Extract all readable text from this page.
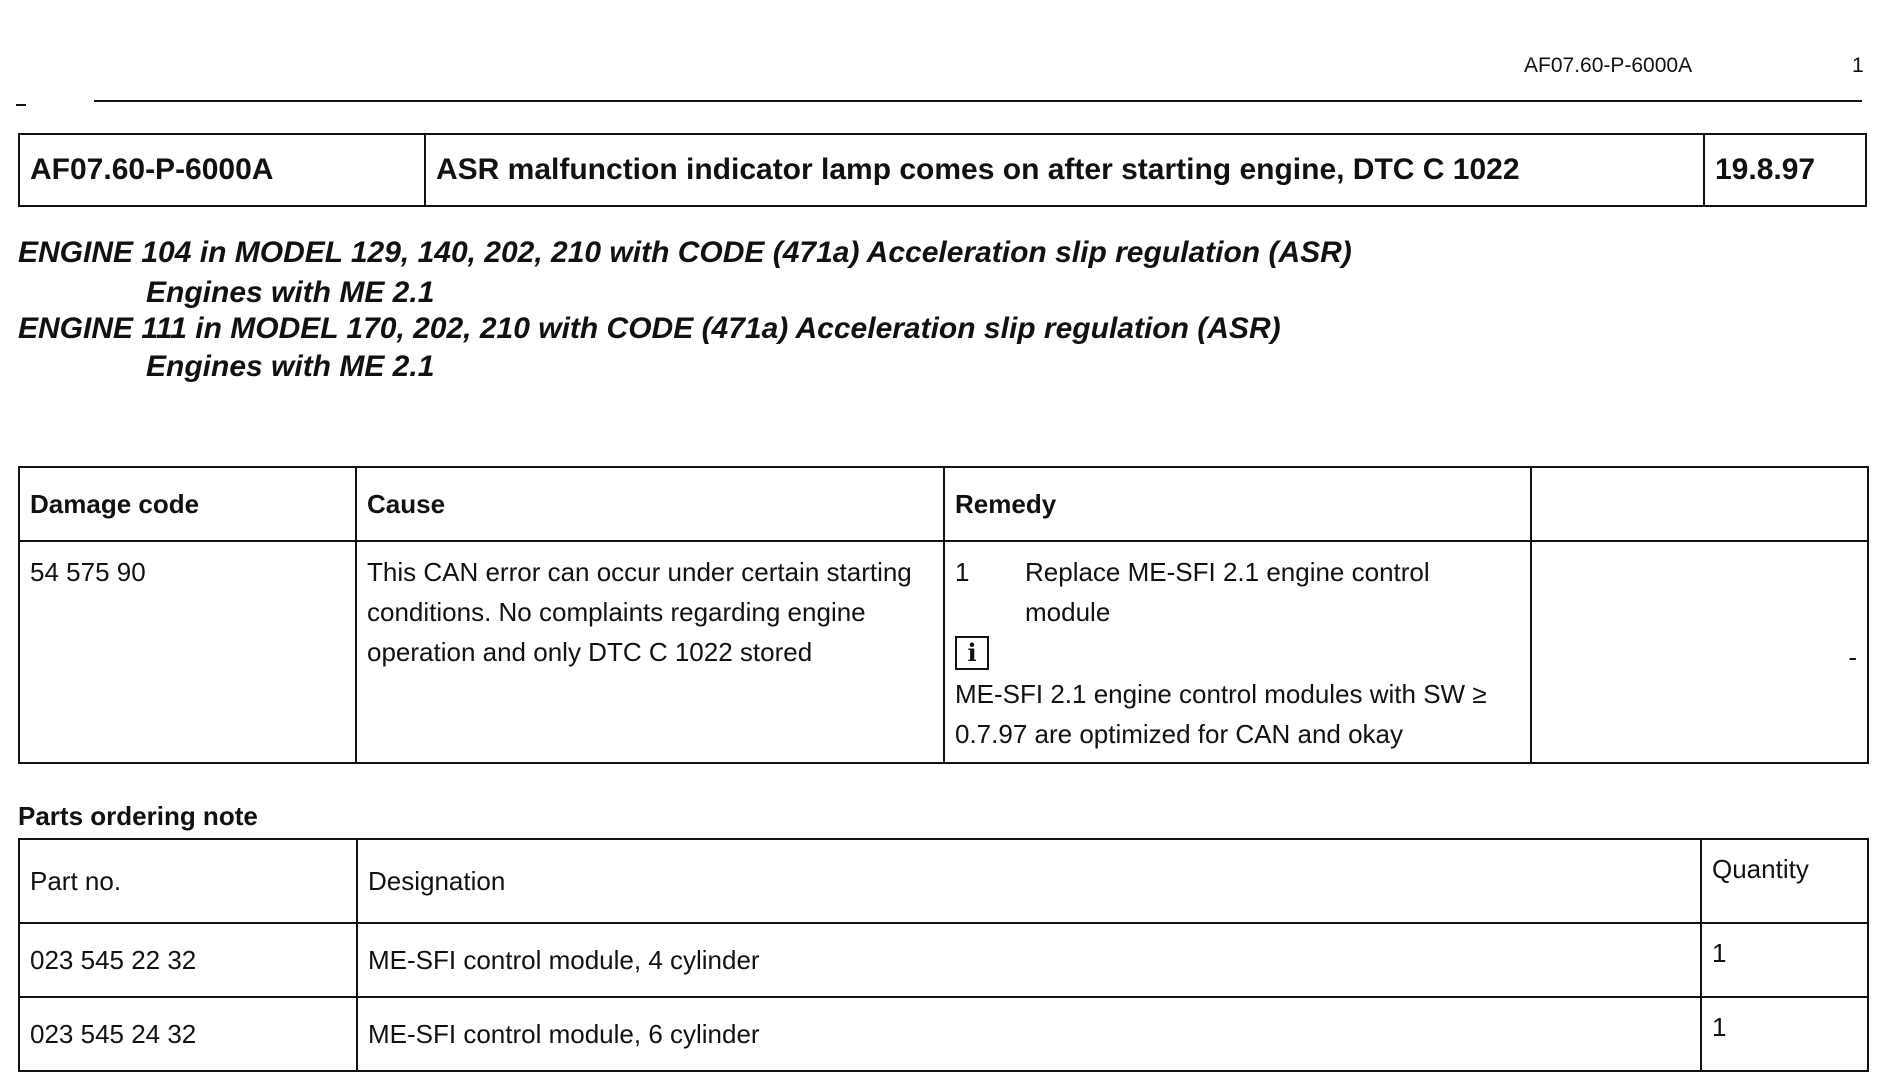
AF07.60-P-6000A	1
AF07.60-P-6000A	ASR malfunction indicator lamp comes on after starting engine, DTC C 1022	19.8.97
ENGINE 104 in MODEL 129, 140, 202, 210 with CODE (471a) Acceleration slip regulation (ASR)
Engines with ME 2.1
ENGINE 111 in MODEL 170, 202, 210 with CODE (471a) Acceleration slip regulation (ASR)
Engines with ME 2.1
Damage code	Cause	Remedy	
54 575 90	This CAN error can occur under certain starting conditions. No complaints regarding engine operation and only DTC C 1022 stored	1 Replace ME-SFI 2.1 engine control module
i
ME-SFI 2.1 engine control modules with SW ≥ 0.7.97 are optimized for CAN and okay	-
Parts ordering note
Part no.	Designation	Quantity
023 545 22 32	ME-SFI control module, 4 cylinder	1
023 545 24 32	ME-SFI control module, 6 cylinder	1
